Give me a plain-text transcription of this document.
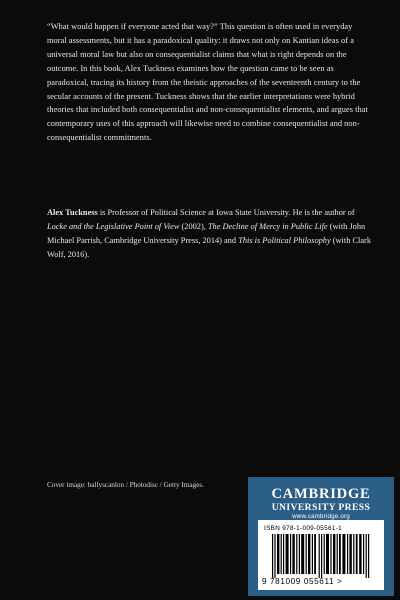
“What would happen if everyone acted that way?” This question is often used in everyday moral assessments, but it has a paradoxical quality: it draws not only on Kantian ideas of a universal moral law but also on consequentialist claims that what is right depends on the outcome. In this book, Alex Tuckness examines how the question came to be seen as paradoxical, tracing its history from the theistic approaches of the seventeenth century to the secular accounts of the present. Tuckness shows that the earlier interpretations were hybrid theories that included both consequentialist and non-consequentialist elements, and argues that contemporary uses of this approach will likewise need to combine consequentialist and non-consequentialist commitments.

Alex Tuckness is Professor of Political Science at Iowa State University. He is the author of Locke and the Legislative Point of View (2002), The Decline of Mercy in Public Life (with John Michael Parrish, Cambridge University Press, 2014) and This is Political Philosophy (with Clark Wolf, 2016).

Cover image: ballyscanlon / Photodisc / Getty Images.
CAMBRIDGE
UNIVERSITY PRESS
www.cambridge.org
ISBN 978-1-009-05561-1
9 781009 055611 >
